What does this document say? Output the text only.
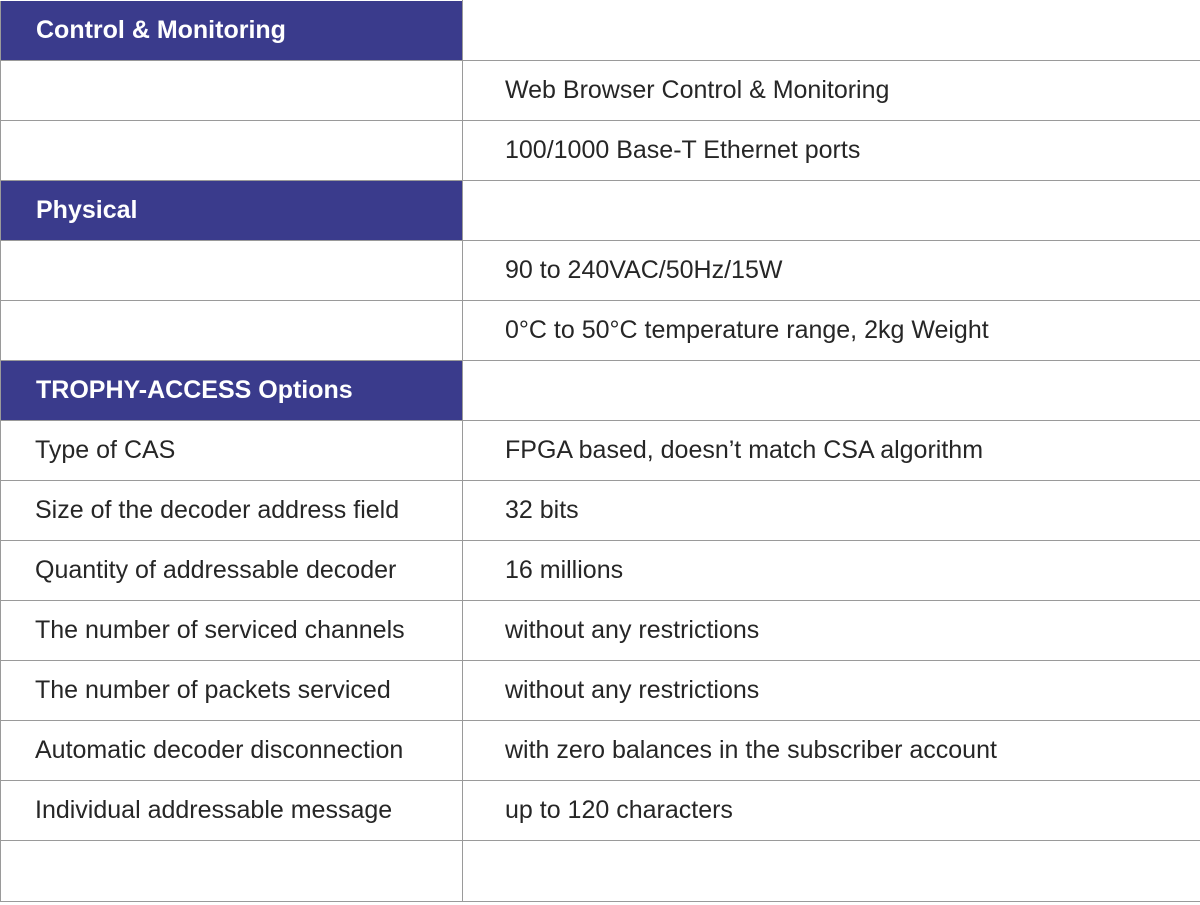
Control & Monitoring	
	Web Browser Control & Monitoring
	100/1000 Base-T Ethernet ports
Physical	
	90 to 240VAC/50Hz/15W
	0°C to 50°C temperature range, 2kg Weight
TROPHY-ACCESS Options	
Type of CAS	FPGA based, doesn’t match CSA algorithm
Size of the decoder address field	32 bits
Quantity of addressable decoder	16 millions
The number of serviced channels	without any restrictions
The number of packets serviced	without any restrictions
Automatic decoder disconnection	with zero balances in the subscriber account
Individual addressable message	up to 120 characters
